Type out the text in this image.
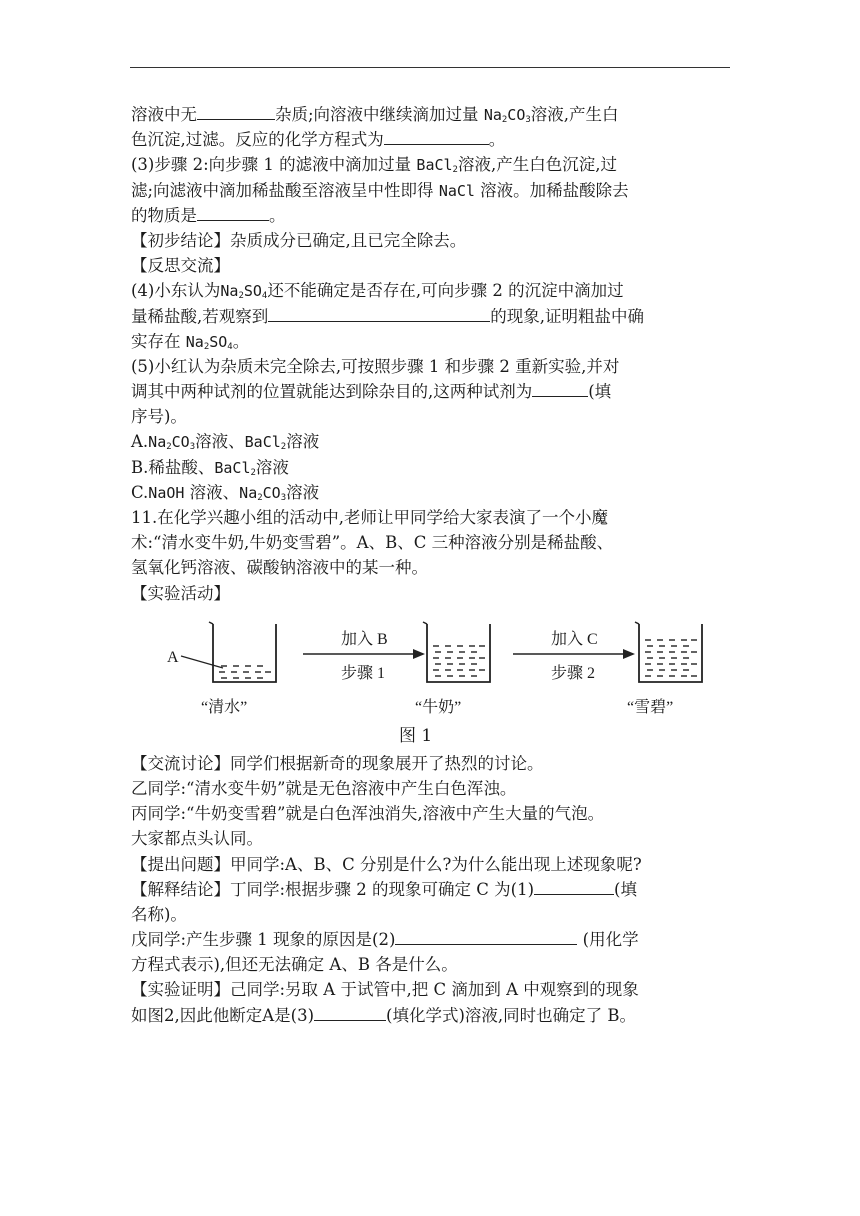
溶液中无	杂质;向溶液中继续滴加过量 $Na_2CO_3$溶液,产生白
色沉淀,过滤。反应的化学方程式为	。
(3)步骤 2:向步骤 1 的滤液中滴加过量 BaCl$_2$溶液,产生白色沉淀,过
滤;向滤液中滴加稀盐酸至溶液呈中性即得 NaCl 溶液。加稀盐酸除去
的物质是	。
【初步结论】杂质成分已确定,且已完全除去。
【反思交流】
(4)小东认为$Na_2SO_4$还不能确定是否存在,可向步骤 2 的沉淀中滴加过
量稀盐酸,若观察到	的现象,证明粗盐中确
实存在 $Na_2SO_4$。
(5)小红认为杂质未完全除去,可按照步骤 1 和步骤 2 重新实验,并对
调其中两种试剂的位置就能达到除杂目的,这两种试剂为	(填
序号)。
$A.Na_2CO_3$溶液、BaCl$_2$溶液
B.稀盐酸、BaCl$_2$溶液
C.NaOH 溶液、$Na_2CO_3$溶液
11.在化学兴趣小组的活动中,老师让甲同学给大家表演了一个小魔
术:“清水变牛奶,牛奶变雪碧”。A、B、C 三种溶液分别是稀盐酸、
氢氧化钙溶液、碳酸钠溶液中的某一种。
【实验活动】
A
“清水”
加入 B
步骤 1
“牛奶”
加入 C
步骤 2
“雪碧”
图 1
【交流讨论】同学们根据新奇的现象展开了热烈的讨论。
乙同学:“清水变牛奶”就是无色溶液中产生白色浑浊。
丙同学:“牛奶变雪碧”就是白色浑浊消失,溶液中产生大量的气泡。
大家都点头认同。
【提出问题】甲同学:A、B、C 分别是什么?为什么能出现上述现象呢?
【解释结论】丁同学:根据步骤 2 的现象可确定 C 为(1)	(填
名称)。
戊同学:产生步骤 1 现象的原因是(2)	(用化学
方程式表示),但还无法确定 A、B 各是什么。
【实验证明】己同学:另取 A 于试管中,把 C 滴加到 A 中观察到的现象
如图2,因此他断定A是(3)	(填化学式)溶液,同时也确定了 B。
